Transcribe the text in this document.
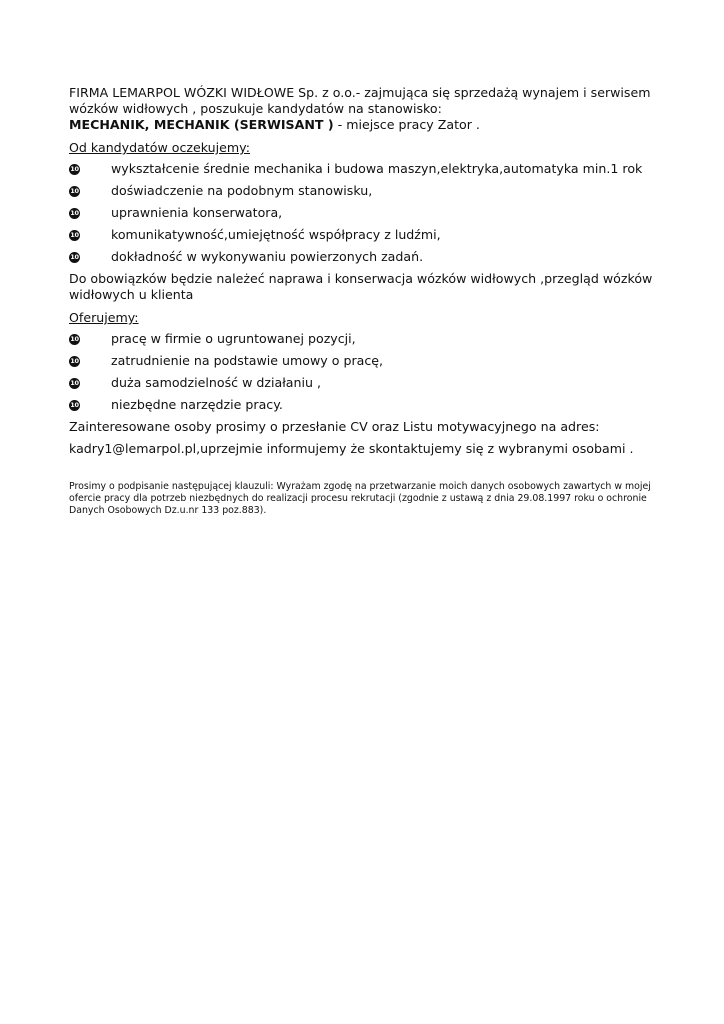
FIRMA LEMARPOL WÓZKI WIDŁOWE Sp. z o.o.- zajmująca się sprzedażą wynajem i serwisem wózków widłowych , poszukuje kandydatów na stanowisko:

MECHANIK, MECHANIK (SERWISANT ) - miejsce pracy Zator .

Od kandydatów oczekujemy:
10	wykształcenie średnie mechanika i budowa maszyn,elektryka,automatyka min.1 rok
10	doświadczenie na podobnym stanowisku,
10	uprawnienia konserwatora,
10	komunikatywność,umiejętność współpracy z ludźmi,
10	dokładność w wykonywaniu powierzonych zadań.
Do obowiązków będzie należeć naprawa i konserwacja wózków widłowych ,przegląd wózków widłowych u klienta
Oferujemy:
10	pracę w firmie o ugruntowanej pozycji,
10	zatrudnienie na podstawie umowy o pracę,
10	duża samodzielność w działaniu ,
10	niezbędne narzędzie pracy.
Zainteresowane osoby prosimy o przesłanie CV oraz Listu motywacyjnego na adres:
kadry1@lemarpol.pl,uprzejmie informujemy że skontaktujemy się z wybranymi osobami .
Prosimy o podpisanie następującej klauzuli: Wyrażam zgodę na przetwarzanie moich danych osobowych zawartych w mojej ofercie pracy dla potrzeb niezbędnych do realizacji procesu rekrutacji (zgodnie z ustawą z dnia 29.08.1997 roku o ochronie Danych Osobowych Dz.u.nr 133 poz.883).
